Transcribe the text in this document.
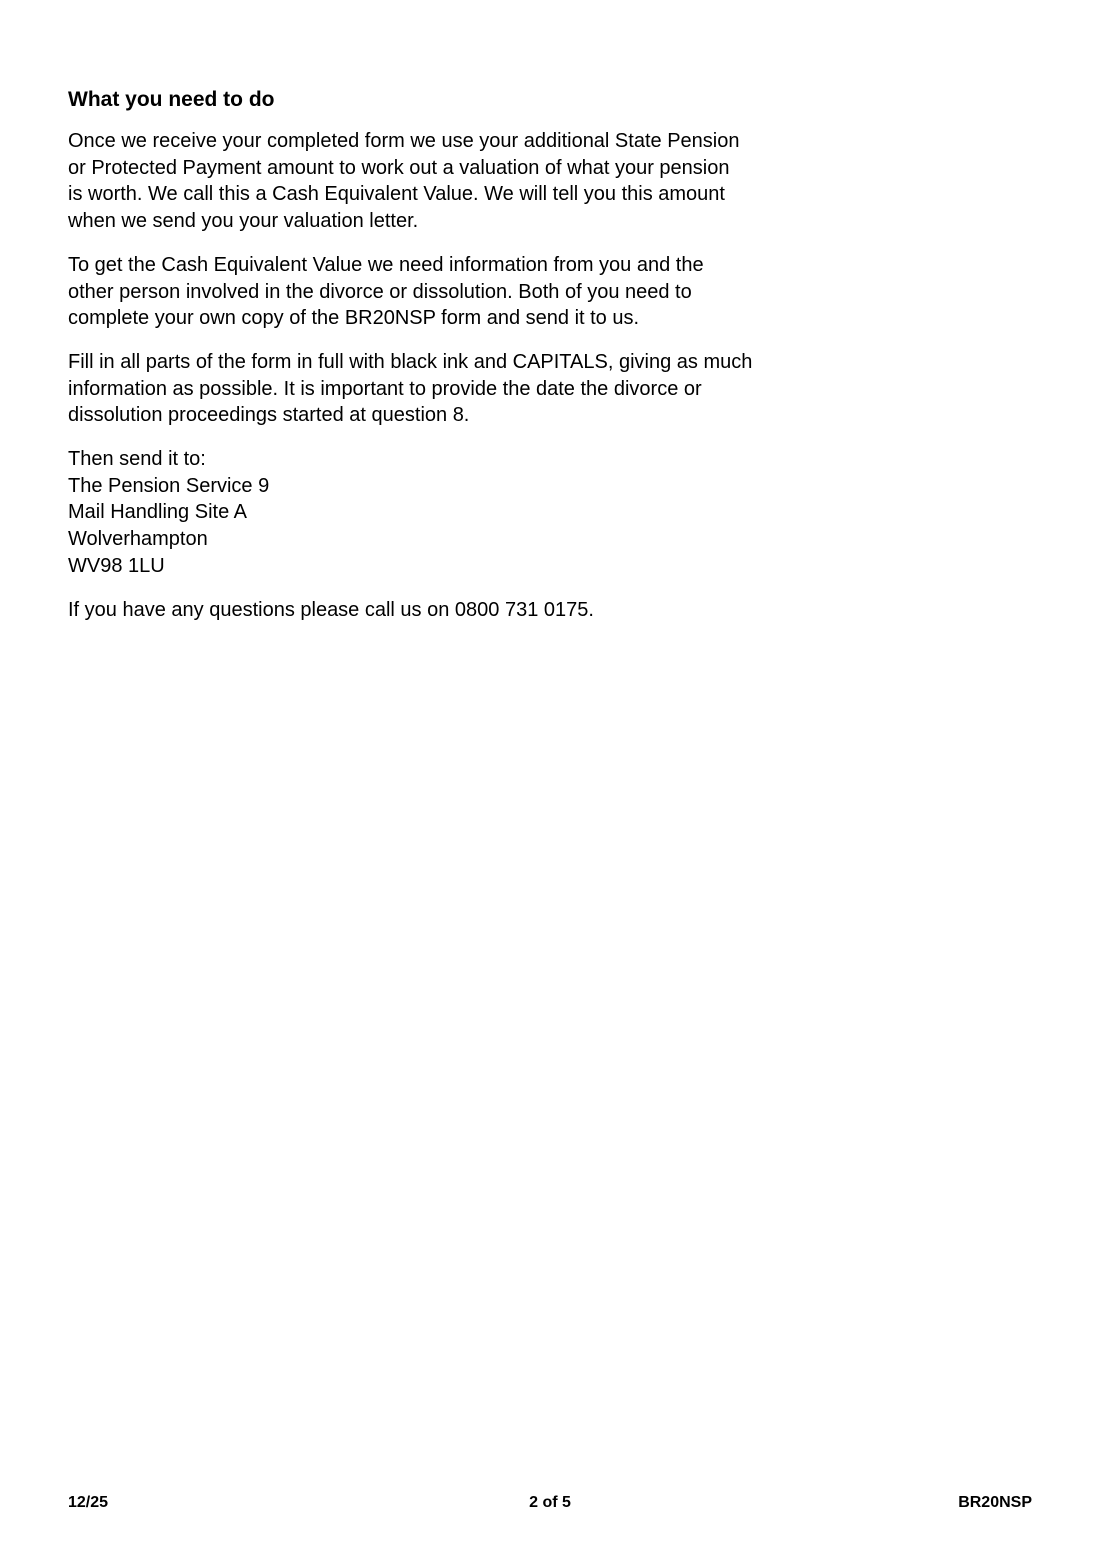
What you need to do
Once we receive your completed form we use your additional State Pension
or Protected Payment amount to work out a valuation of what your pension
is worth. We call this a Cash Equivalent Value. We will tell you this amount
when we send you your valuation letter.
To get the Cash Equivalent Value we need information from you and the
other person involved in the divorce or dissolution. Both of you need to
complete your own copy of the BR20NSP form and send it to us.
Fill in all parts of the form in full with black ink and CAPITALS, giving as much
information as possible. It is important to provide the date the divorce or
dissolution proceedings started at question 8.
Then send it to:
The Pension Service 9
Mail Handling Site A
Wolverhampton
WV98 1LU
If you have any questions please call us on 0800 731 0175.
12/25	2 of 5	BR20NSP
